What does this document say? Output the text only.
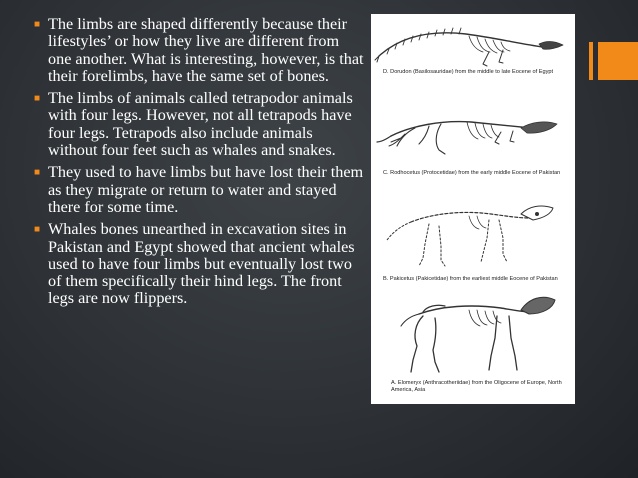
■ The limbs are shaped differently because their lifestyles’ or how they live are different from one another. What is interesting, however, is that their forelimbs, have the same set of bones.
■ The limbs of animals called tetrapodor animals with four legs. However, not all tetrapods have four legs. Tetrapods also include animals without four feet such as whales and snakes.
■ They used to have limbs but have lost their them as they migrate or return to water and stayed there for some time.
■ Whales bones unearthed in excavation sites in Pakistan and Egypt showed that ancient whales used to have four limbs but eventually lost two of them specifically their hind legs. The front legs are now flippers.
D. Dorudon (Basilosauridae) from the middle to late Eocene of Egypt
C. Rodhocetus (Protocetidae) from the early middle Eocene of Pakistan
B. Pakicetus (Pakicetidae) from the earliest middle Eocene of Pakistan
A. Elomeryx (Anthracotheriidae) from the Oligocene of Europe, North America, Asia
